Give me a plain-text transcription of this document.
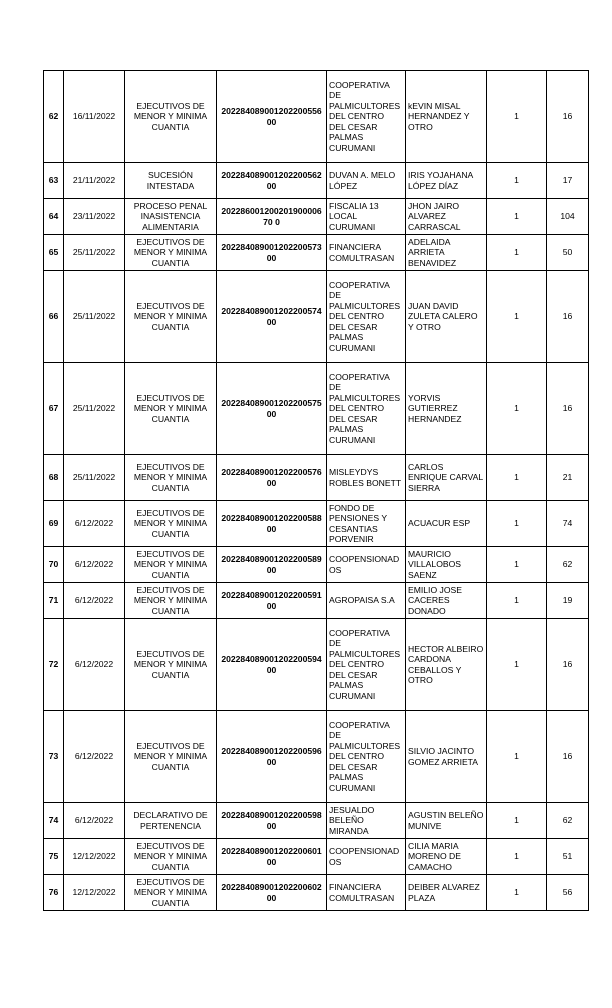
62	16/11/2022	EJECUTIVOS DE MENOR Y MINIMA CUANTIA	20228408900120220055600	COOPERATIVA DE PALMICULTORES DEL CENTRO DEL CESAR PALMAS CURUMANI	kEVIN MISAL HERNANDEZ Y OTRO	1	16
63	21/11/2022	SUCESIÓN INTESTADA	20228408900120220056200	DUVAN A. MELO LÓPEZ	IRIS YOJAHANA LÓPEZ DÍAZ	1	17
64	23/11/2022	PROCESO PENAL INASISTENCIA ALIMENTARIA	20228600120020190000670 0	FISCALIA 13 LOCAL CURUMANI	JHON JAIRO ALVAREZ CARRASCAL	1	104
65	25/11/2022	EJECUTIVOS DE MENOR Y MINIMA CUANTIA	20228408900120220057300	FINANCIERA COMULTRASAN	ADELAIDA ARRIETA BENAVIDEZ	1	50
66	25/11/2022	EJECUTIVOS DE MENOR Y MINIMA CUANTIA	20228408900120220057400	COOPERATIVA DE PALMICULTORES DEL CENTRO DEL CESAR PALMAS CURUMANI	JUAN DAVID ZULETA CALERO Y OTRO	1	16
67	25/11/2022	EJECUTIVOS DE MENOR Y MINIMA CUANTIA	20228408900120220057500	COOPERATIVA DE PALMICULTORES DEL CENTRO DEL CESAR PALMAS CURUMANI	YORVIS GUTIERREZ HERNANDEZ	1	16
68	25/11/2022	EJECUTIVOS DE MENOR Y MINIMA CUANTIA	20228408900120220057600	MISLEYDYS ROBLES BONETT	CARLOS ENRIQUE CARVAL SIERRA	1	21
69	6/12/2022	EJECUTIVOS DE MENOR Y MINIMA CUANTIA	20228408900120220058800	FONDO DE PENSIONES Y CESANTIAS PORVENIR	ACUACUR ESP	1	74
70	6/12/2022	EJECUTIVOS DE MENOR Y MINIMA CUANTIA	20228408900120220058900	COOPENSIONADOS	MAURICIO VILLALOBOS SAENZ	1	62
71	6/12/2022	EJECUTIVOS DE MENOR Y MINIMA CUANTIA	20228408900120220059100	AGROPAISA S.A	EMILIO JOSE CACERES DONADO	1	19
72	6/12/2022	EJECUTIVOS DE MENOR Y MINIMA CUANTIA	20228408900120220059400	COOPERATIVA DE PALMICULTORES DEL CENTRO DEL CESAR PALMAS CURUMANI	HECTOR ALBEIRO CARDONA CEBALLOS Y OTRO	1	16
73	6/12/2022	EJECUTIVOS DE MENOR Y MINIMA CUANTIA	20228408900120220059600	COOPERATIVA DE PALMICULTORES DEL CENTRO DEL CESAR PALMAS CURUMANI	SILVIO JACINTO GOMEZ ARRIETA	1	16
74	6/12/2022	DECLARATIVO DE PERTENENCIA	20228408900120220059800	JESUALDO BELEÑO MIRANDA	AGUSTIN BELEÑO MUNIVE	1	62
75	12/12/2022	EJECUTIVOS DE MENOR Y MINIMA CUANTIA	20228408900120220060100	COOPENSIONADOS	CILIA MARIA MORENO DE CAMACHO	1	51
76	12/12/2022	EJECUTIVOS DE MENOR Y MINIMA CUANTIA	20228408900120220060200	FINANCIERA COMULTRASAN	DEIBER ALVAREZ PLAZA	1	56
